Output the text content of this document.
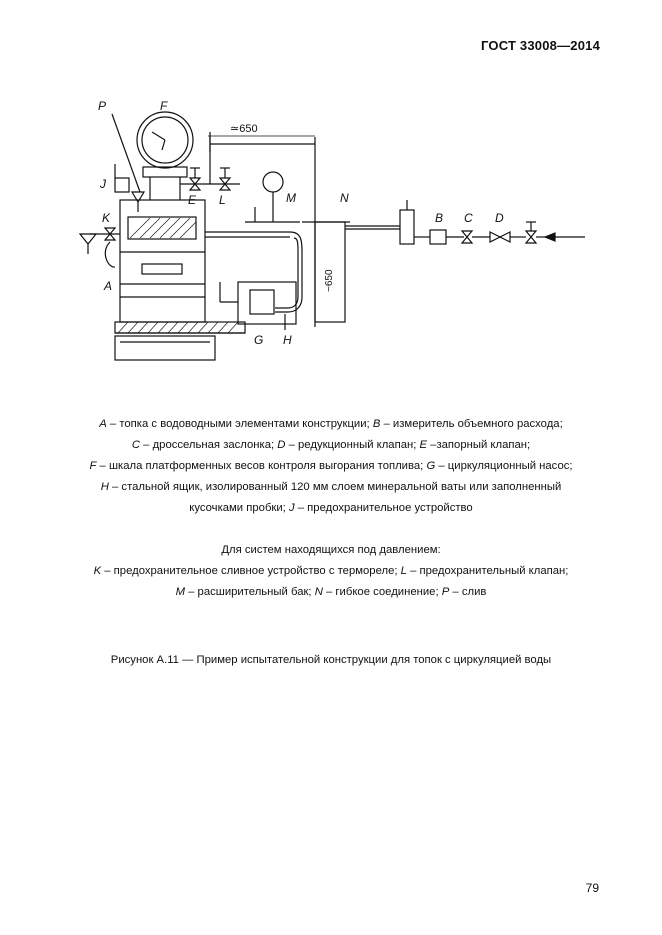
ГОСТ 33008—2014
P	F
J
K
E L	M	N
A
G H
B C D
≃650
~650
A – топка с водоводными элементами конструкции; B – измеритель объемного расхода;
C – дроссельная заслонка; D – редукционный клапан; E –запорный клапан;
F – шкала платформенных весов контроля выгорания топлива; G – циркуляционный насос;
H – стальной ящик, изолированный 120 мм слоем минеральной ваты или заполненный
кусочками пробки; J – предохранительное устройство
Для систем находящихся под давлением:
K – предохранительное сливное устройство с термореле; L – предохранительный клапан;
M – расширительный бак; N – гибкое соединение; P – слив
Рисунок А.11 — Пример испытательной конструкции для топок с циркуляцией воды
79
